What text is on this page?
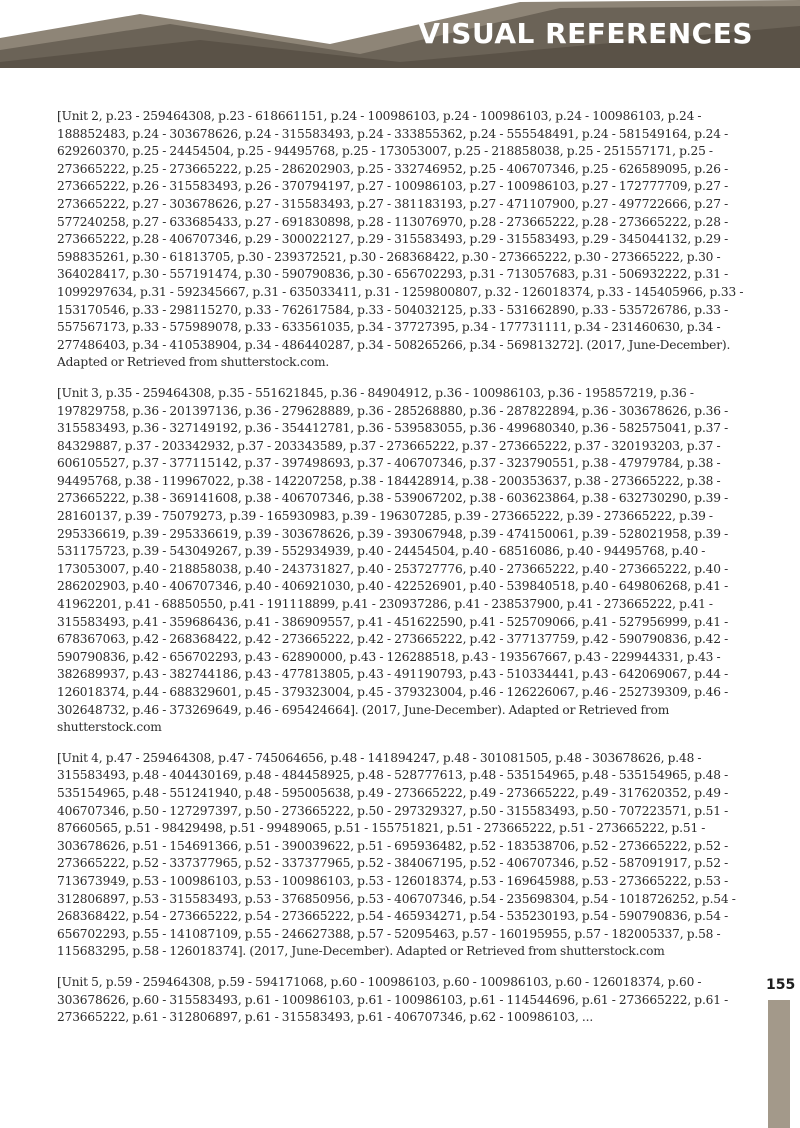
VISUAL REFERENCES

[Unit 2, p.23 - 259464308, p.23 - 618661151, p.24 - 100986103, p.24 - 100986103, p.24 - 100986103, p.24 - 188852483, p.24 - 303678626, p.24 - 315583493, p.24 - 333855362, p.24 - 555548491, p.24 - 581549164, p.24 - 629260370, p.25 - 24454504, p.25 - 94495768, p.25 - 173053007, p.25 - 218858038, p.25 - 251557171, p.25 - 273665222, p.25 - 273665222, p.25 - 286202903, p.25 - 332746952, p.25 - 406707346, p.25 - 626589095, p.26 - 273665222, p.26 - 315583493, p.26 - 370794197, p.27 - 100986103, p.27 - 100986103, p.27 - 172777709, p.27 - 273665222, p.27 - 303678626, p.27 - 315583493, p.27 - 381183193, p.27 - 471107900, p.27 - 497722666, p.27 - 577240258, p.27 - 633685433, p.27 - 691830898, p.28 - 113076970, p.28 - 273665222, p.28 - 273665222, p.28 - 273665222, p.28 - 406707346, p.29 - 300022127, p.29 - 315583493, p.29 - 315583493, p.29 - 345044132, p.29 - 598835261, p.30 - 61813705, p.30 - 239372521, p.30 - 268368422, p.30 - 273665222, p.30 - 273665222, p.30 - 364028417, p.30 - 557191474, p.30 - 590790836, p.30 - 656702293, p.31 - 713057683, p.31 - 506932222, p.31 - 1099297634, p.31 - 592345667, p.31 - 635033411, p.31 - 1259800807, p.32 - 126018374, p.33 - 145405966, p.33 - 153170546, p.33 - 298115270, p.33 - 762617584, p.33 - 504032125, p.33 - 531662890, p.33 - 535726786, p.33 - 557567173, p.33 - 575989078, p.33 - 633561035, p.34 - 37727395, p.34 - 177731111, p.34 - 231460630, p.34 - 277486403, p.34 - 410538904, p.34 - 486440287, p.34 - 508265266, p.34 - 569813272]. (2017, June-December). Adapted or Retrieved from shutterstock.com.

[Unit 3, p.35 - 259464308, p.35 - 551621845, p.36 - 84904912, p.36 - 100986103, p.36 - 195857219, p.36 - 197829758, p.36 - 201397136, p.36 - 279628889, p.36 - 285268880, p.36 - 287822894, p.36 - 303678626, p.36 - 315583493, p.36 - 327149192, p.36 - 354412781, p.36 - 539583055, p.36 - 499680340, p.36 - 582575041, p.37 - 84329887, p.37 - 203342932, p.37 - 203343589, p.37 - 273665222, p.37 - 273665222, p.37 - 320193203, p.37 - 606105527, p.37 - 377115142, p.37 - 397498693, p.37 - 406707346, p.37 - 323790551, p.38 - 47979784, p.38 - 94495768, p.38 - 119967022, p.38 - 142207258, p.38 - 184428914, p.38 - 200353637, p.38 - 273665222, p.38 - 273665222, p.38 - 369141608, p.38 - 406707346, p.38 - 539067202, p.38 - 603623864, p.38 - 632730290, p.39 - 28160137, p.39 - 75079273, p.39 - 165930983, p.39 - 196307285, p.39 - 273665222, p.39 - 273665222, p.39 - 295336619, p.39 - 295336619, p.39 - 303678626, p.39 - 393067948, p.39 - 474150061, p.39 - 528021958, p.39 - 531175723, p.39 - 543049267, p.39 - 552934939, p.40 - 24454504, p.40 - 68516086, p.40 - 94495768, p.40 - 173053007, p.40 - 218858038, p.40 - 243731827, p.40 - 253727776, p.40 - 273665222, p.40 - 273665222, p.40 - 286202903, p.40 - 406707346, p.40 - 406921030, p.40 - 422526901, p.40 - 539840518, p.40 - 649806268, p.41 - 41962201, p.41 - 68850550, p.41 - 191118899, p.41 - 230937286, p.41 - 238537900, p.41 - 273665222, p.41 - 315583493, p.41 - 359686436, p.41 - 386909557, p.41 - 451622590, p.41 - 525709066, p.41 - 527956999, p.41 - 678367063, p.42 - 268368422, p.42 - 273665222, p.42 - 273665222, p.42 - 377137759, p.42 - 590790836, p.42 - 590790836, p.42 - 656702293, p.43 - 62890000, p.43 - 126288518, p.43 - 193567667, p.43 - 229944331, p.43 - 382689937, p.43 - 382744186, p.43 - 477813805, p.43 - 491190793, p.43 - 510334441, p.43 - 642069067, p.44 - 126018374, p.44 - 688329601, p.45 - 379323004, p.45 - 379323004, p.46 - 126226067, p.46 - 252739309, p.46 - 302648732, p.46 - 373269649, p.46 - 695424664]. (2017, June-December). Adapted or Retrieved from shutterstock.com

[Unit 4, p.47 - 259464308, p.47 - 745064656, p.48 - 141894247, p.48 - 301081505, p.48 - 303678626, p.48 - 315583493, p.48 - 404430169, p.48 - 484458925, p.48 - 528777613, p.48 - 535154965, p.48 - 535154965, p.48 - 535154965, p.48 - 551241940, p.48 - 595005638, p.49 - 273665222, p.49 - 273665222, p.49 - 317620352, p.49 - 406707346, p.50 - 127297397, p.50 - 273665222, p.50 - 297329327, p.50 - 315583493, p.50 - 707223571, p.51 - 87660565, p.51 - 98429498, p.51 - 99489065, p.51 - 155751821, p.51 - 273665222, p.51 - 273665222, p.51 - 303678626, p.51 - 154691366, p.51 - 390039622, p.51 - 695936482, p.52 - 183538706, p.52 - 273665222, p.52 - 273665222, p.52 - 337377965, p.52 - 337377965, p.52 - 384067195, p.52 - 406707346, p.52 - 587091917, p.52 - 713673949, p.53 - 100986103, p.53 - 100986103, p.53 - 126018374, p.53 - 169645988, p.53 - 273665222, p.53 - 312806897, p.53 - 315583493, p.53 - 376850956, p.53 - 406707346, p.54 - 235698304, p.54 - 1018726252, p.54 - 268368422, p.54 - 273665222, p.54 - 273665222, p.54 - 465934271, p.54 - 535230193, p.54 - 590790836, p.54 - 656702293, p.55 - 141087109, p.55 - 246627388, p.57 - 52095463, p.57 - 160195955, p.57 - 182005337, p.58 - 115683295, p.58 - 126018374]. (2017, June-December). Adapted or Retrieved from shutterstock.com

[Unit 5, p.59 - 259464308, p.59 - 594171068, p.60 - 100986103, p.60 - 100986103, p.60 - 126018374, p.60 - 303678626, p.60 - 315583493, p.61 - 100986103, p.61 - 100986103, p.61 - 114544696, p.61 - 273665222, p.61 - 273665222, p.61 - 312806897, p.61 - 315583493, p.61 - 406707346, p.62 - 100986103, ...

155
